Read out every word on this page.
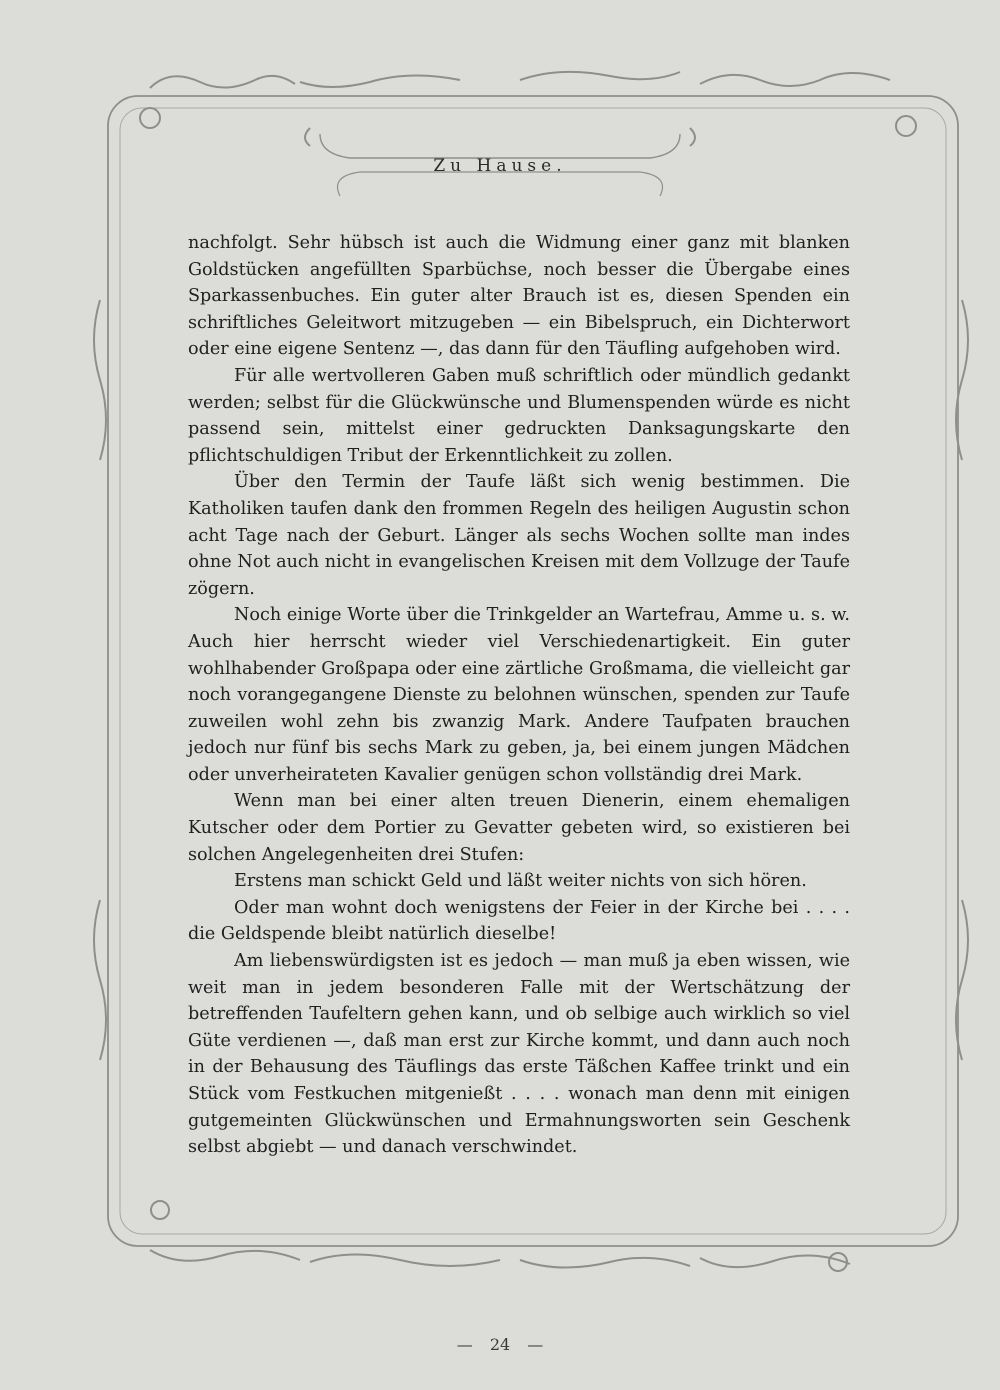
Zu Hause.

nachfolgt. Sehr hübsch ist auch die Widmung einer ganz mit blanken Goldstücken angefüllten Sparbüchse, noch besser die Übergabe eines Sparkassenbuches. Ein guter alter Brauch ist es, diesen Spenden ein schriftliches Geleitwort mitzugeben — ein Bibelspruch, ein Dichterwort oder eine eigene Sentenz —, das dann für den Täufling aufgehoben wird.

Für alle wertvolleren Gaben muß schriftlich oder mündlich gedankt werden; selbst für die Glückwünsche und Blumenspenden würde es nicht passend sein, mittelst einer gedruckten Danksagungskarte den pflichtschuldigen Tribut der Erkenntlichkeit zu zollen.

Über den Termin der Taufe läßt sich wenig bestimmen. Die Katholiken taufen dank den frommen Regeln des heiligen Augustin schon acht Tage nach der Geburt. Länger als sechs Wochen sollte man indes ohne Not auch nicht in evangelischen Kreisen mit dem Vollzuge der Taufe zögern.

Noch einige Worte über die Trinkgelder an Wartefrau, Amme u. s. w. Auch hier herrscht wieder viel Verschiedenartigkeit. Ein guter wohlhabender Großpapa oder eine zärtliche Großmama, die vielleicht gar noch vorangegangene Dienste zu belohnen wünschen, spenden zur Taufe zuweilen wohl zehn bis zwanzig Mark. Andere Taufpaten brauchen jedoch nur fünf bis sechs Mark zu geben, ja, bei einem jungen Mädchen oder unverheirateten Kavalier genügen schon vollständig drei Mark.

Wenn man bei einer alten treuen Dienerin, einem ehemaligen Kutscher oder dem Portier zu Gevatter gebeten wird, so existieren bei solchen Angelegenheiten drei Stufen:

Erstens man schickt Geld und läßt weiter nichts von sich hören.

Oder man wohnt doch wenigstens der Feier in der Kirche bei . . . . die Geldspende bleibt natürlich dieselbe!

Am liebenswürdigsten ist es jedoch — man muß ja eben wissen, wie weit man in jedem besonderen Falle mit der Wertschätzung der betreffenden Taufeltern gehen kann, und ob selbige auch wirklich so viel Güte verdienen —, daß man erst zur Kirche kommt, und dann auch noch in der Behausung des Täuflings das erste Täßchen Kaffee trinkt und ein Stück vom Festkuchen mitgenießt . . . . wonach man denn mit einigen gutgemeinten Glückwünschen und Ermahnungsworten sein Geschenk selbst abgiebt — und danach verschwindet.

— 24 —
